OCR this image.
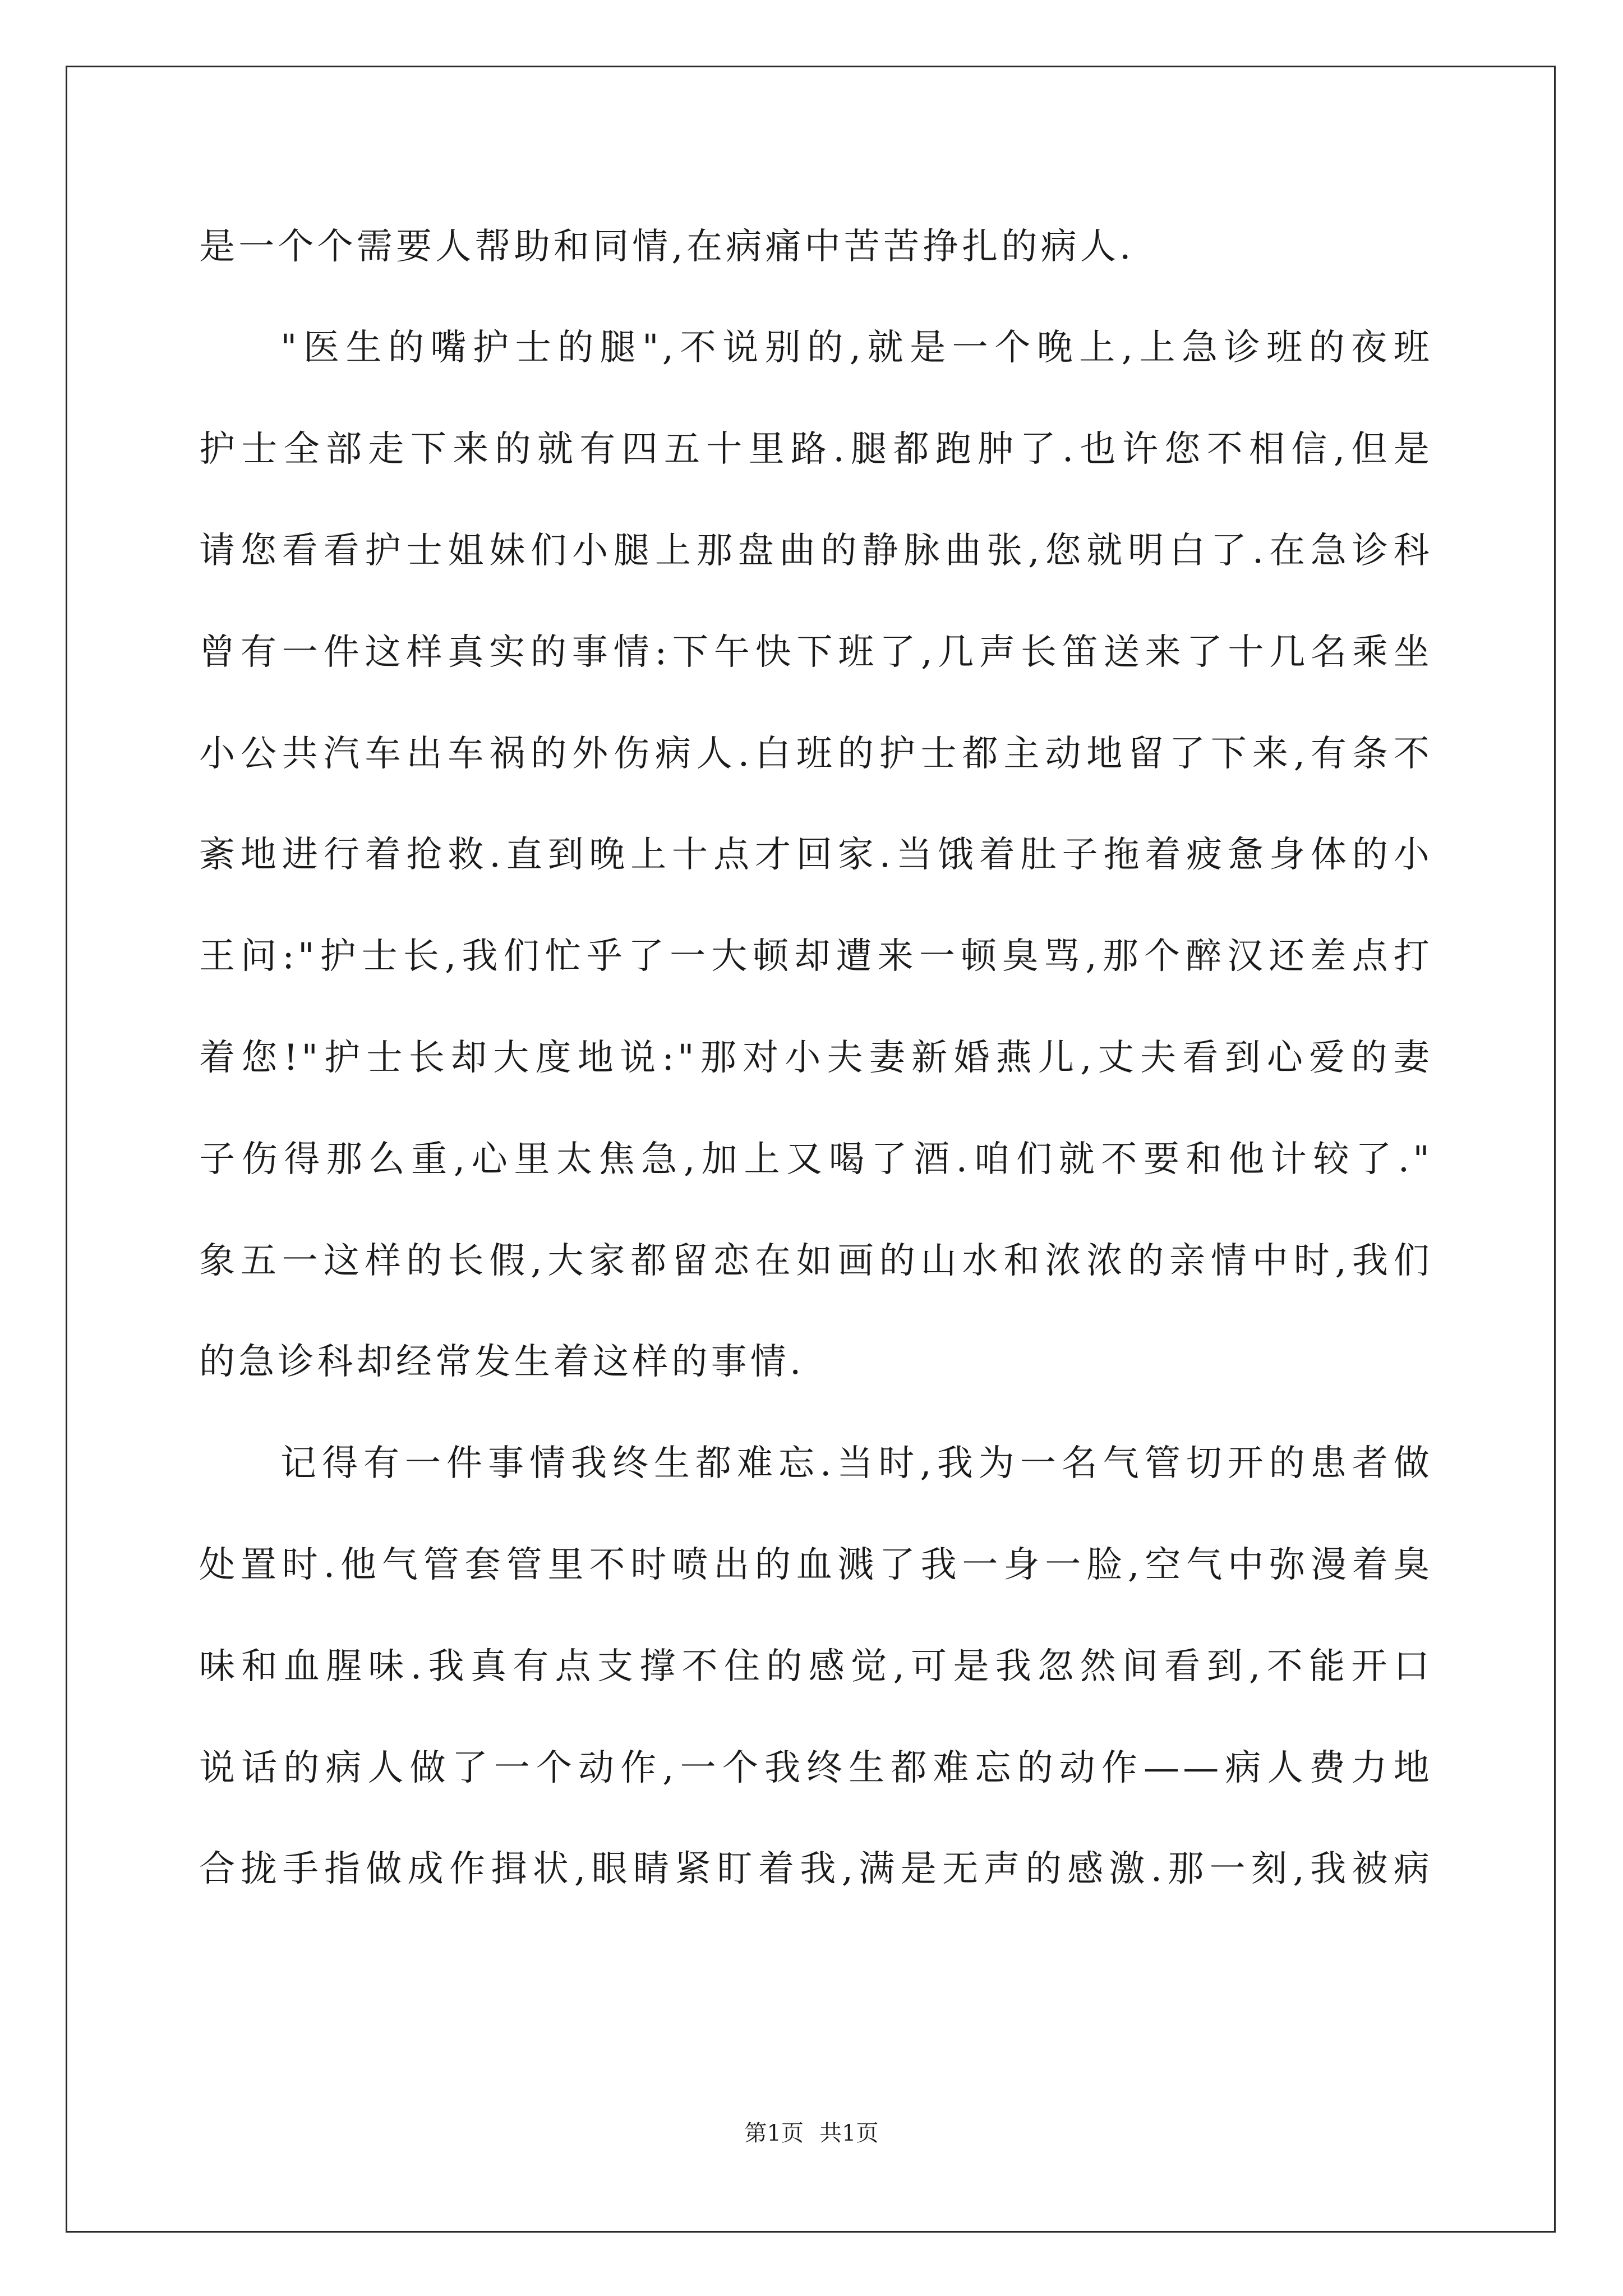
是一个个需要人帮助和同情,在病痛中苦苦挣扎的病人.
"医生的嘴护士的腿",不说别的,就是一个晚上,上急诊班的夜班
护士全部走下来的就有四五十里路.腿都跑肿了.也许您不相信,但是
请您看看护士姐妹们小腿上那盘曲的静脉曲张,您就明白了.在急诊科
曾有一件这样真实的事情:下午快下班了,几声长笛送来了十几名乘坐
小公共汽车出车祸的外伤病人.白班的护士都主动地留了下来,有条不
紊地进行着抢救.直到晚上十点才回家.当饿着肚子拖着疲惫身体的小
王问:"护士长,我们忙乎了一大顿却遭来一顿臭骂,那个醉汉还差点打
着您!"护士长却大度地说:"那对小夫妻新婚燕儿,丈夫看到心爱的妻
子伤得那么重,心里太焦急,加上又喝了酒.咱们就不要和他计较了."
象五一这样的长假,大家都留恋在如画的山水和浓浓的亲情中时,我们
的急诊科却经常发生着这样的事情.
记得有一件事情我终生都难忘.当时,我为一名气管切开的患者做
处置时.他气管套管里不时喷出的血溅了我一身一脸,空气中弥漫着臭
味和血腥味.我真有点支撑不住的感觉,可是我忽然间看到,不能开口
说话的病人做了一个动作,一个我终生都难忘的动作——病人费力地
合拢手指做成作揖状,眼睛紧盯着我,满是无声的感激.那一刻,我被病
第1页 共1页
